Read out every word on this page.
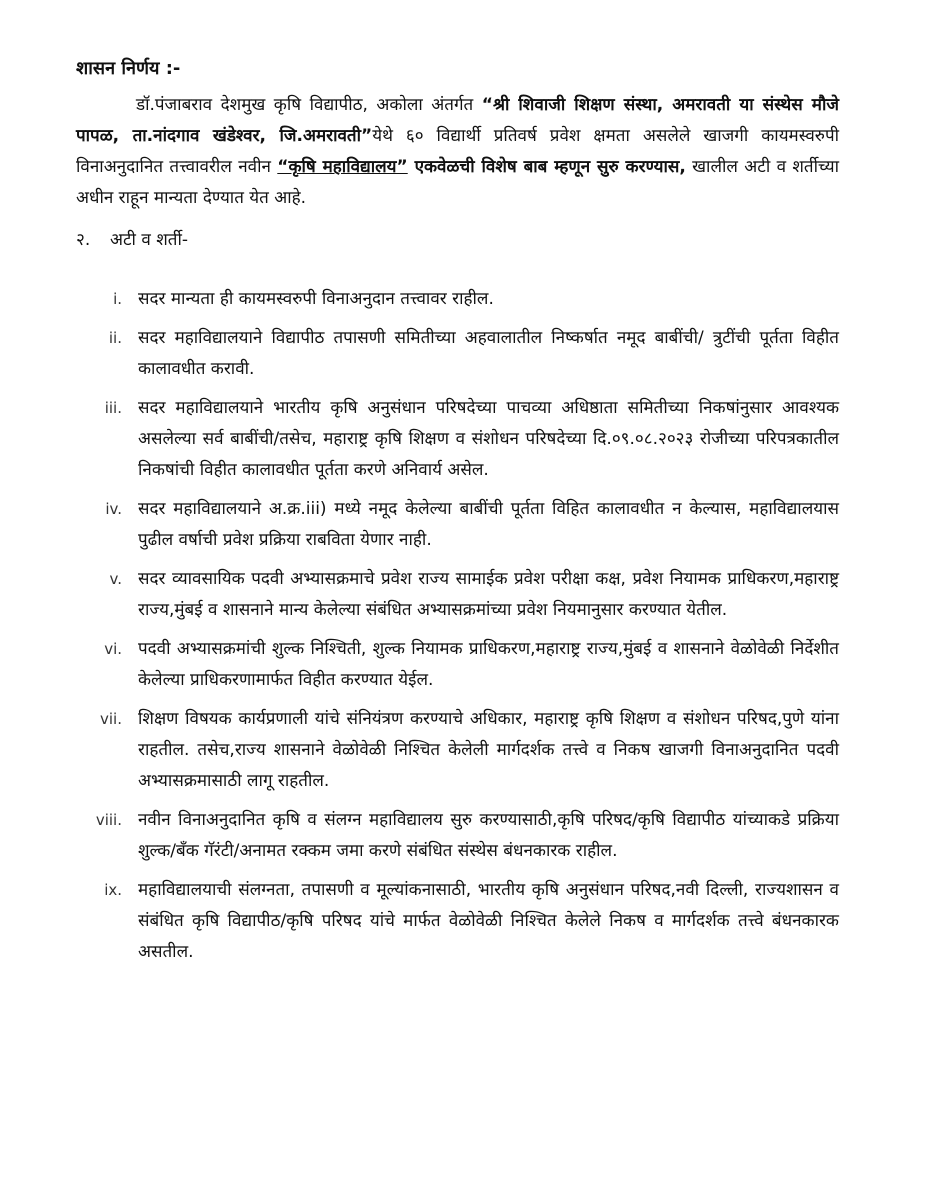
शासन निर्णय :-

डॉ.पंजाबराव देशमुख कृषि विद्यापीठ, अकोला अंतर्गत “श्री शिवाजी शिक्षण संस्था, अमरावती या संस्थेस मौजे पापळ, ता.नांदगाव खंडेश्वर, जि.अमरावती”येथे ६० विद्यार्थी प्रतिवर्ष प्रवेश क्षमता असलेले खाजगी कायमस्वरुपी विनाअनुदानित तत्त्वावरील नवीन “कृषि महाविद्यालय” एकवेळची विशेष बाब म्हणून सुरु करण्यास, खालील अटी व शर्तीच्या अधीन राहून मान्यता देण्यात येत आहे.

२. अटी व शर्ती-
i. सदर मान्यता ही कायमस्वरुपी विनाअनुदान तत्त्वावर राहील.
ii. सदर महाविद्यालयाने विद्यापीठ तपासणी समितीच्या अहवालातील निष्कर्षात नमूद बाबींची/ त्रुटींची पूर्तता विहीत कालावधीत करावी.
iii. सदर महाविद्यालयाने भारतीय कृषि अनुसंधान परिषदेच्या पाचव्या अधिष्ठाता समितीच्या निकषांनुसार आवश्यक असलेल्या सर्व बाबींची/तसेच, महाराष्ट्र कृषि शिक्षण व संशोधन परिषदेच्या दि.०९.०८.२०२३ रोजीच्या परिपत्रकातील निकषांची विहीत कालावधीत पूर्तता करणे अनिवार्य असेल.
iv. सदर महाविद्यालयाने अ.क्र.iii) मध्ये नमूद केलेल्या बाबींची पूर्तता विहित कालावधीत न केल्यास, महाविद्यालयास पुढील वर्षाची प्रवेश प्रक्रिया राबविता येणार नाही.
v. सदर व्यावसायिक पदवी अभ्यासक्रमाचे प्रवेश राज्य सामाईक प्रवेश परीक्षा कक्ष, प्रवेश नियामक प्राधिकरण,महाराष्ट्र राज्य,मुंबई व शासनाने मान्य केलेल्या संबंधित अभ्यासक्रमांच्या प्रवेश नियमानुसार करण्यात येतील.
vi. पदवी अभ्यासक्रमांची शुल्क निश्चिती, शुल्क नियामक प्राधिकरण,महाराष्ट्र राज्य,मुंबई व शासनाने वेळोवेळी निर्देशीत केलेल्या प्राधिकरणामार्फत विहीत करण्यात येईल.
vii. शिक्षण विषयक कार्यप्रणाली यांचे संनियंत्रण करण्याचे अधिकार, महाराष्ट्र कृषि शिक्षण व संशोधन परिषद,पुणे यांना राहतील. तसेच,राज्य शासनाने वेळोवेळी निश्चित केलेली मार्गदर्शक तत्त्वे व निकष खाजगी विनाअनुदानित पदवी अभ्यासक्रमासाठी लागू राहतील.
viii. नवीन विनाअनुदानित कृषि व संलग्न महाविद्यालय सुरु करण्यासाठी,कृषि परिषद/कृषि विद्यापीठ यांच्याकडे प्रक्रिया शुल्क/बँक गॅरंटी/अनामत रक्कम जमा करणे संबंधित संस्थेस बंधनकारक राहील.
ix. महाविद्यालयाची संलग्नता, तपासणी व मूल्यांकनासाठी, भारतीय कृषि अनुसंधान परिषद,नवी दिल्ली, राज्यशासन व संबंधित कृषि विद्यापीठ/कृषि परिषद यांचे मार्फत वेळोवेळी निश्चित केलेले निकष व मार्गदर्शक तत्त्वे बंधनकारक असतील.
